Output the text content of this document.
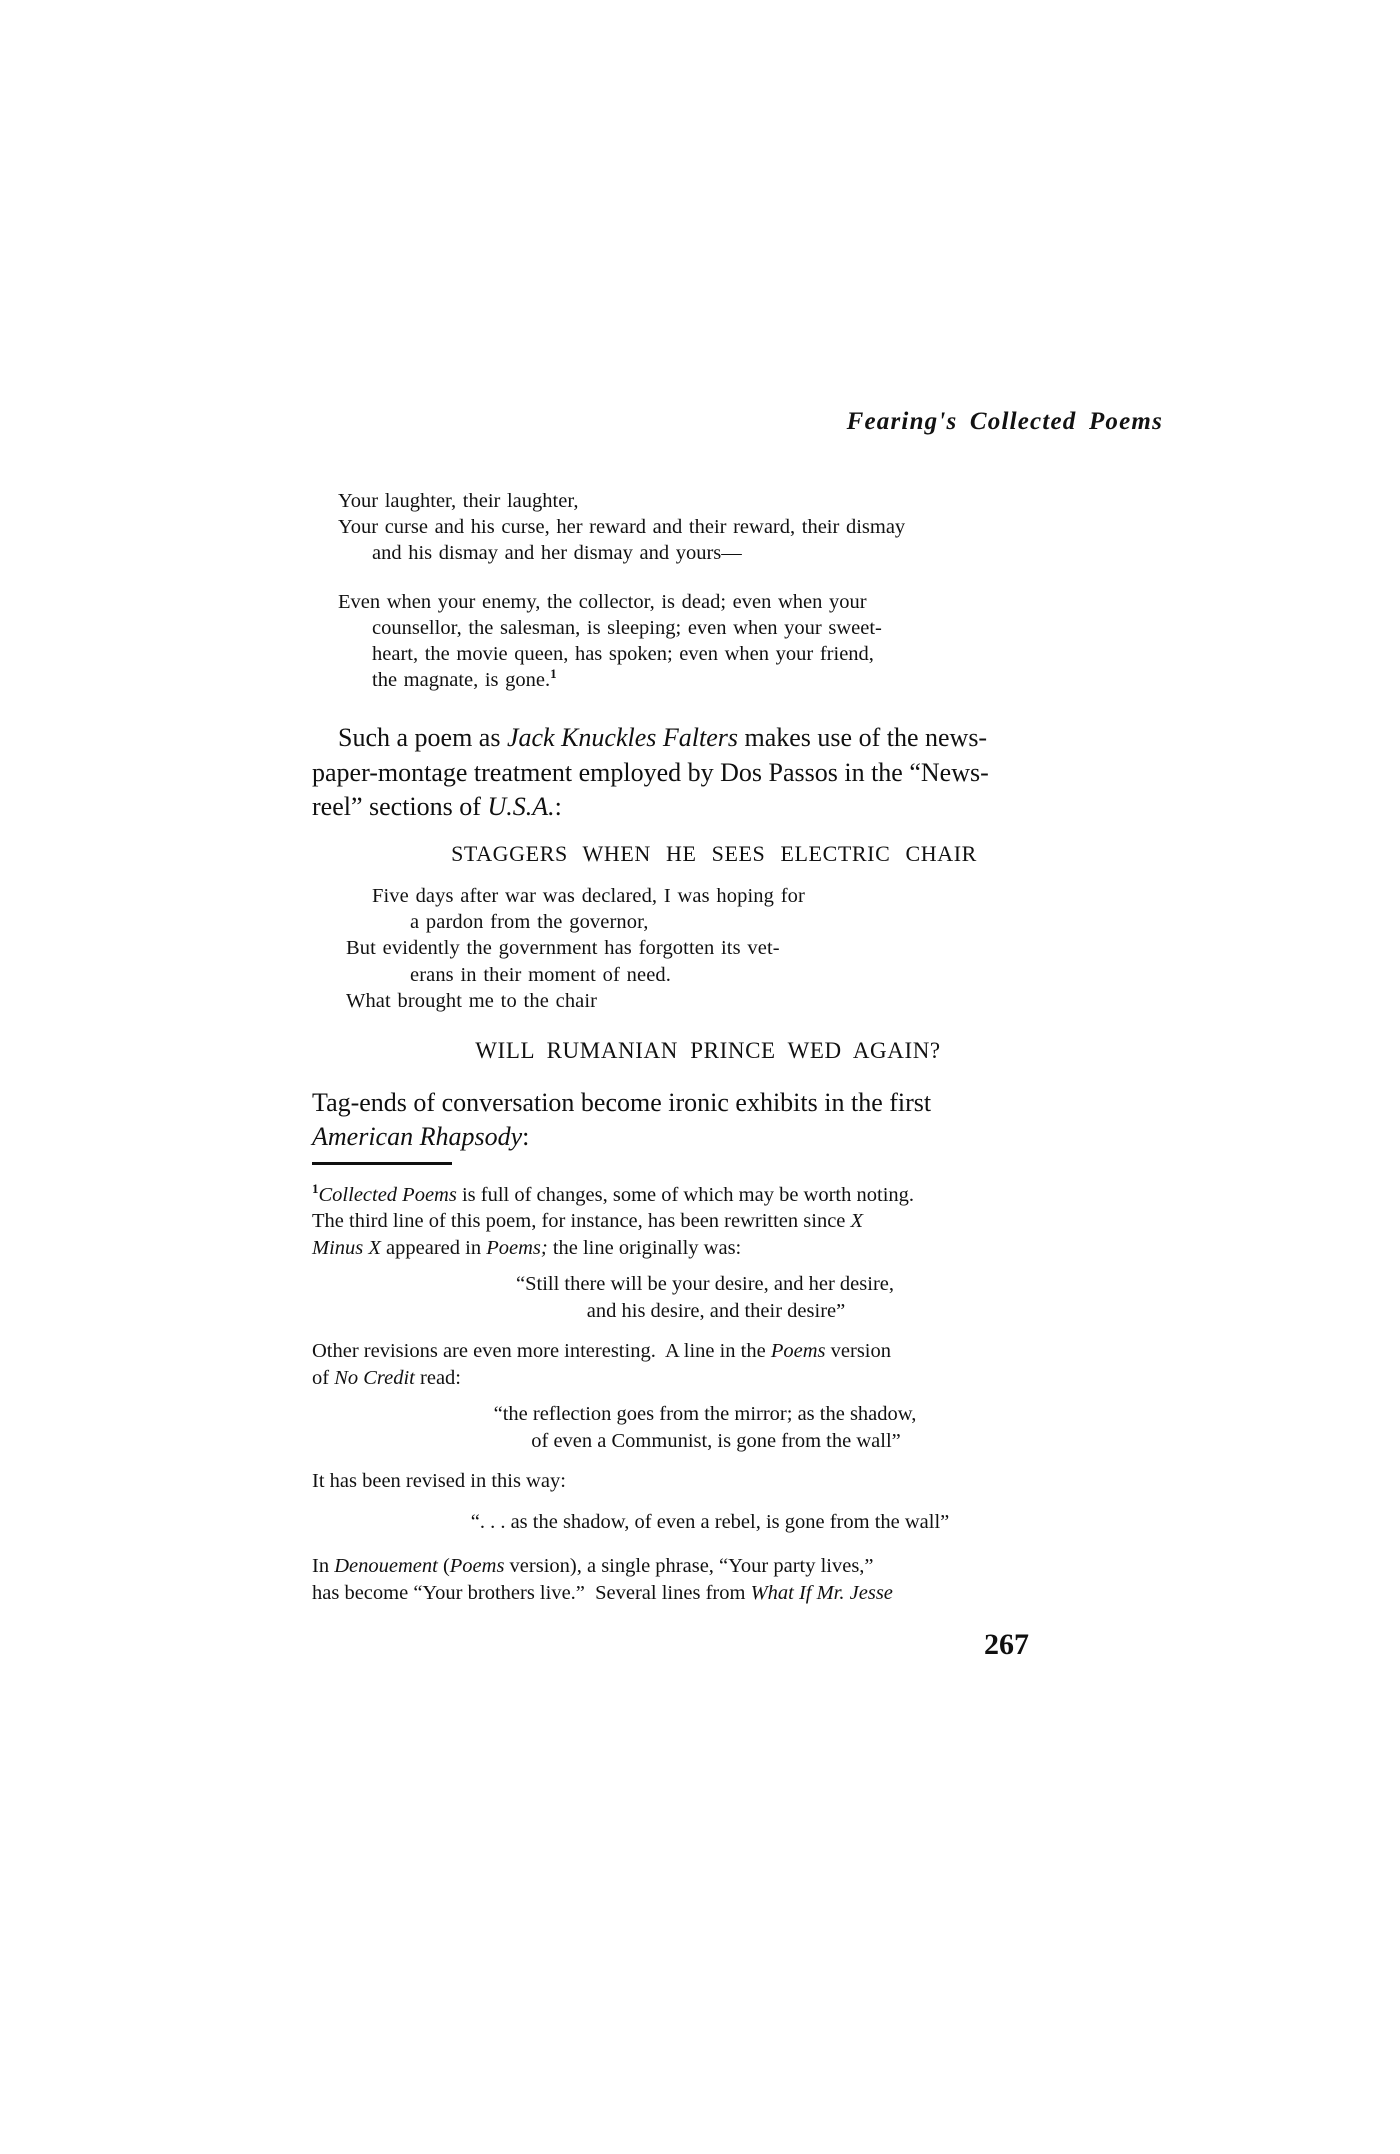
Fearing's Collected Poems
Your laughter, their laughter,
Your curse and his curse, her reward and their reward, their dismay
and his dismay and her dismay and yours—
Even when your enemy, the collector, is dead; even when your
counsellor, the salesman, is sleeping; even when your sweet-
heart, the movie queen, has spoken; even when your friend,
the magnate, is gone.$^1$
Such a poem as Jack Knuckles Falters makes use of the news-
paper-montage treatment employed by Dos Passos in the “News-
reel” sections of U.S.A.:
STAGGERS WHEN HE SEES ELECTRIC CHAIR
Five days after war was declared, I was hoping for
a pardon from the governor,
But evidently the government has forgotten its vet-
erans in their moment of need.
What brought me to the chair
WILL RUMANIAN PRINCE WED AGAIN?
Tag-ends of conversation become ironic exhibits in the first
American Rhapsody:

$^1$Collected Poems is full of changes, some of which may be worth noting.
The third line of this poem, for instance, has been rewritten since X
Minus X appeared in Poems; the line originally was:

“Still there will be your desire, and her desire,
and his desire, and their desire”

Other revisions are even more interesting.  A line in the Poems version
of No Credit read:

“the reflection goes from the mirror; as the shadow,
of even a Communist, is gone from the wall”

It has been revised in this way:

“. . . as the shadow, of even a rebel, is gone from the wall”

In Denouement (Poems version), a single phrase, “Your party lives,”
has become “Your brothers live.”  Several lines from What If Mr. Jesse

267
